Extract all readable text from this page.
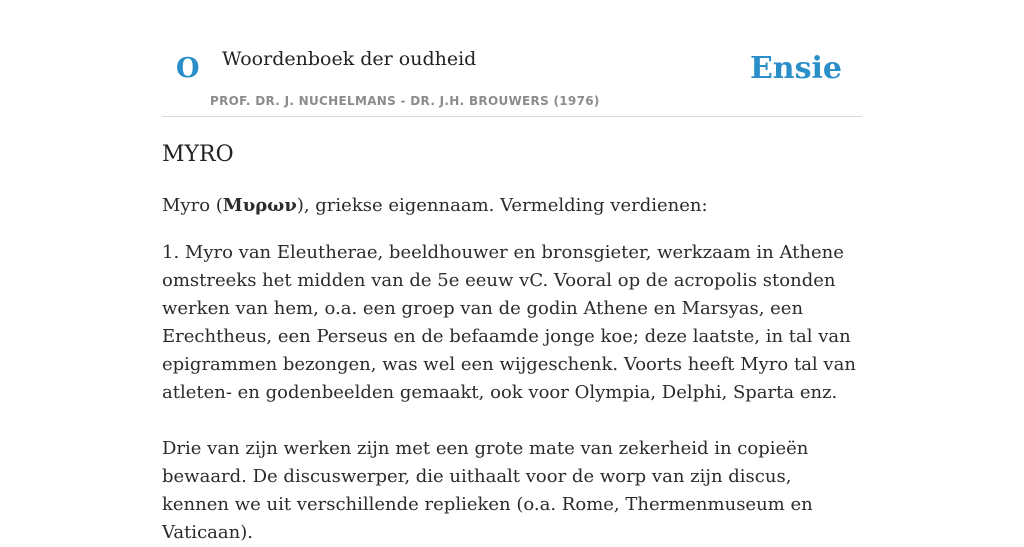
O Woordenboek der oudheid
PROF. DR. J. NUCHELMANS - DR. J.H. BROUWERS (1976)
Ensie
MYRO

Myro (Μυρων), griekse eigennaam. Vermelding verdienen:

1. Myro van Eleutherae, beeldhouwer en bronsgieter, werkzaam in Athene omstreeks het midden van de 5e eeuw vC. Vooral op de acropolis stonden werken van hem, o.a. een groep van de godin Athene en Marsyas, een Erechtheus, een Perseus en de befaamde jonge koe; deze laatste, in tal van epigrammen bezongen, was wel een wijgeschenk. Voorts heeft Myro tal van atleten- en godenbeelden gemaakt, ook voor Olympia, Delphi, Sparta enz.

Drie van zijn werken zijn met een grote mate van zekerheid in copieën bewaard. De discuswerper, die uithaalt voor de worp van zijn discus, kennen we uit verschillende replieken (o.a. Rome, Thermenmuseum en Vaticaan).
